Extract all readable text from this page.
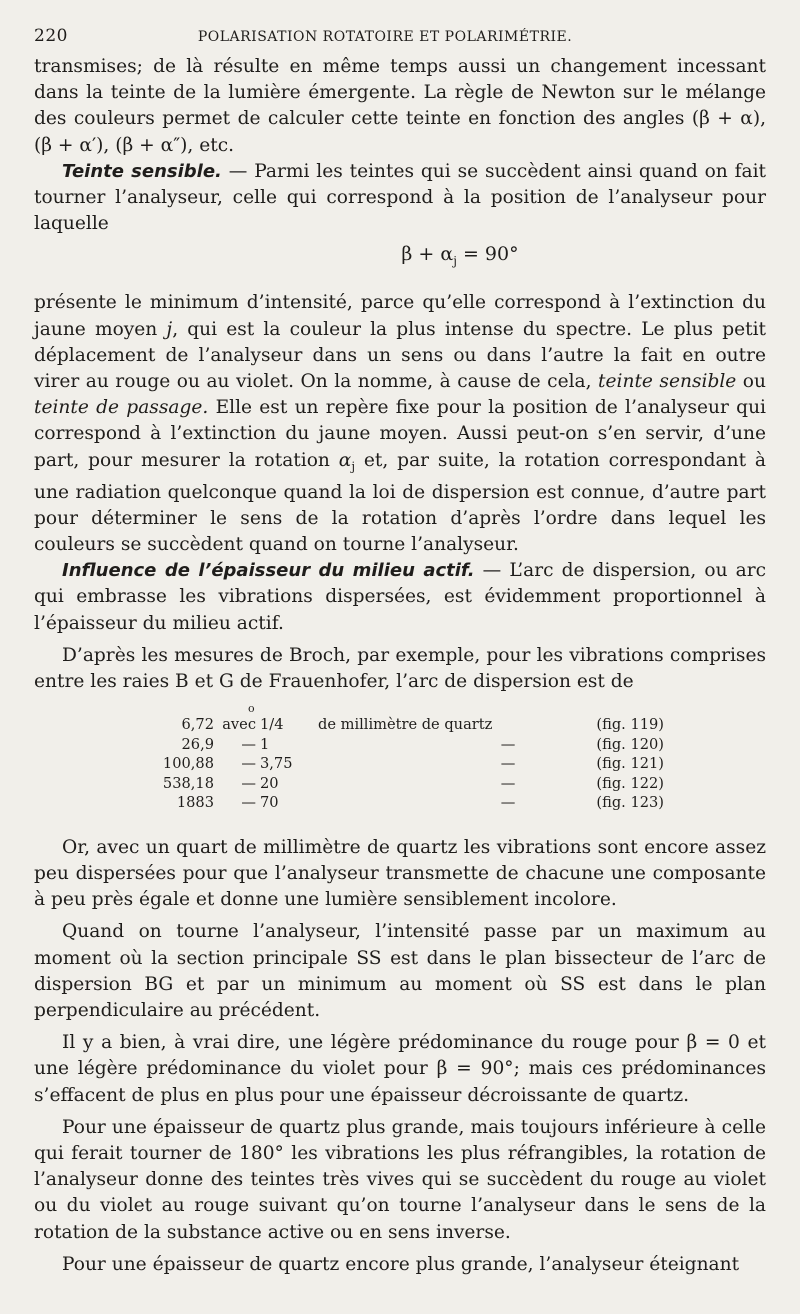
220	POLARISATION ROTATOIRE ET POLARIMÉTRIE.

transmises; de là résulte en même temps aussi un changement incessant dans la teinte de la lumière émergente. La règle de Newton sur le mélange des couleurs permet de calculer cette teinte en fonction des angles (β + α), (β + α′), (β + α″), etc.

Teinte sensible. — Parmi les teintes qui se succèdent ainsi quand on fait tourner l’analyseur, celle qui correspond à la position de l’analyseur pour laquelle

$\beta + \alpha_j = 90^\circ$

présente le minimum d’intensité, parce qu’elle correspond à l’extinction du jaune moyen j, qui est la couleur la plus intense du spectre. Le plus petit déplacement de l’analyseur dans un sens ou dans l’autre la fait en outre virer au rouge ou au violet. On la nomme, à cause de cela, teinte sensible ou teinte de passage. Elle est un repère fixe pour la position de l’analyseur qui correspond à l’extinction du jaune moyen. Aussi peut-on s’en servir, d’une part, pour mesurer la rotation $\alpha_j$ et, par suite, la rotation correspondant à une radiation quelconque quand la loi de dispersion est connue, d’autre part pour déterminer le sens de la rotation d’après l’ordre dans lequel les couleurs se succèdent quand on tourne l’analyseur.

Influence de l’épaisseur du milieu actif. — L’arc de dispersion, ou arc qui embrasse les vibrations dispersées, est évidemment proportionnel à l’épaisseur du milieu actif.

D’après les mesures de Broch, par exemple, pour les vibrations comprises entre les raies B et G de Frauenhofer, l’arc de dispersion est de

o						
6,72	avec	1/4	de millimètre de quartz			(fig. 119)
26,9	—	1		—		(fig. 120)
100,88	—	3,75		—		(fig. 121)
538,18	—	20		—		(fig. 122)
1883	—	70		—		(fig. 123)

Or, avec un quart de millimètre de quartz les vibrations sont encore assez peu dispersées pour que l’analyseur transmette de chacune une composante à peu près égale et donne une lumière sensiblement incolore.

Quand on tourne l’analyseur, l’intensité passe par un maximum au moment où la section principale SS est dans le plan bissecteur de l’arc de dispersion BG et par un minimum au moment où SS est dans le plan perpendiculaire au précédent.

Il y a bien, à vrai dire, une légère prédominance du rouge pour β = 0 et une légère prédominance du violet pour β = 90°; mais ces prédominances s’effacent de plus en plus pour une épaisseur décroissante de quartz.

Pour une épaisseur de quartz plus grande, mais toujours inférieure à celle qui ferait tourner de 180° les vibrations les plus réfrangibles, la rotation de l’analyseur donne des teintes très vives qui se succèdent du rouge au violet ou du violet au rouge suivant qu’on tourne l’analyseur dans le sens de la rotation de la substance active ou en sens inverse.

Pour une épaisseur de quartz encore plus grande, l’analyseur éteignant
